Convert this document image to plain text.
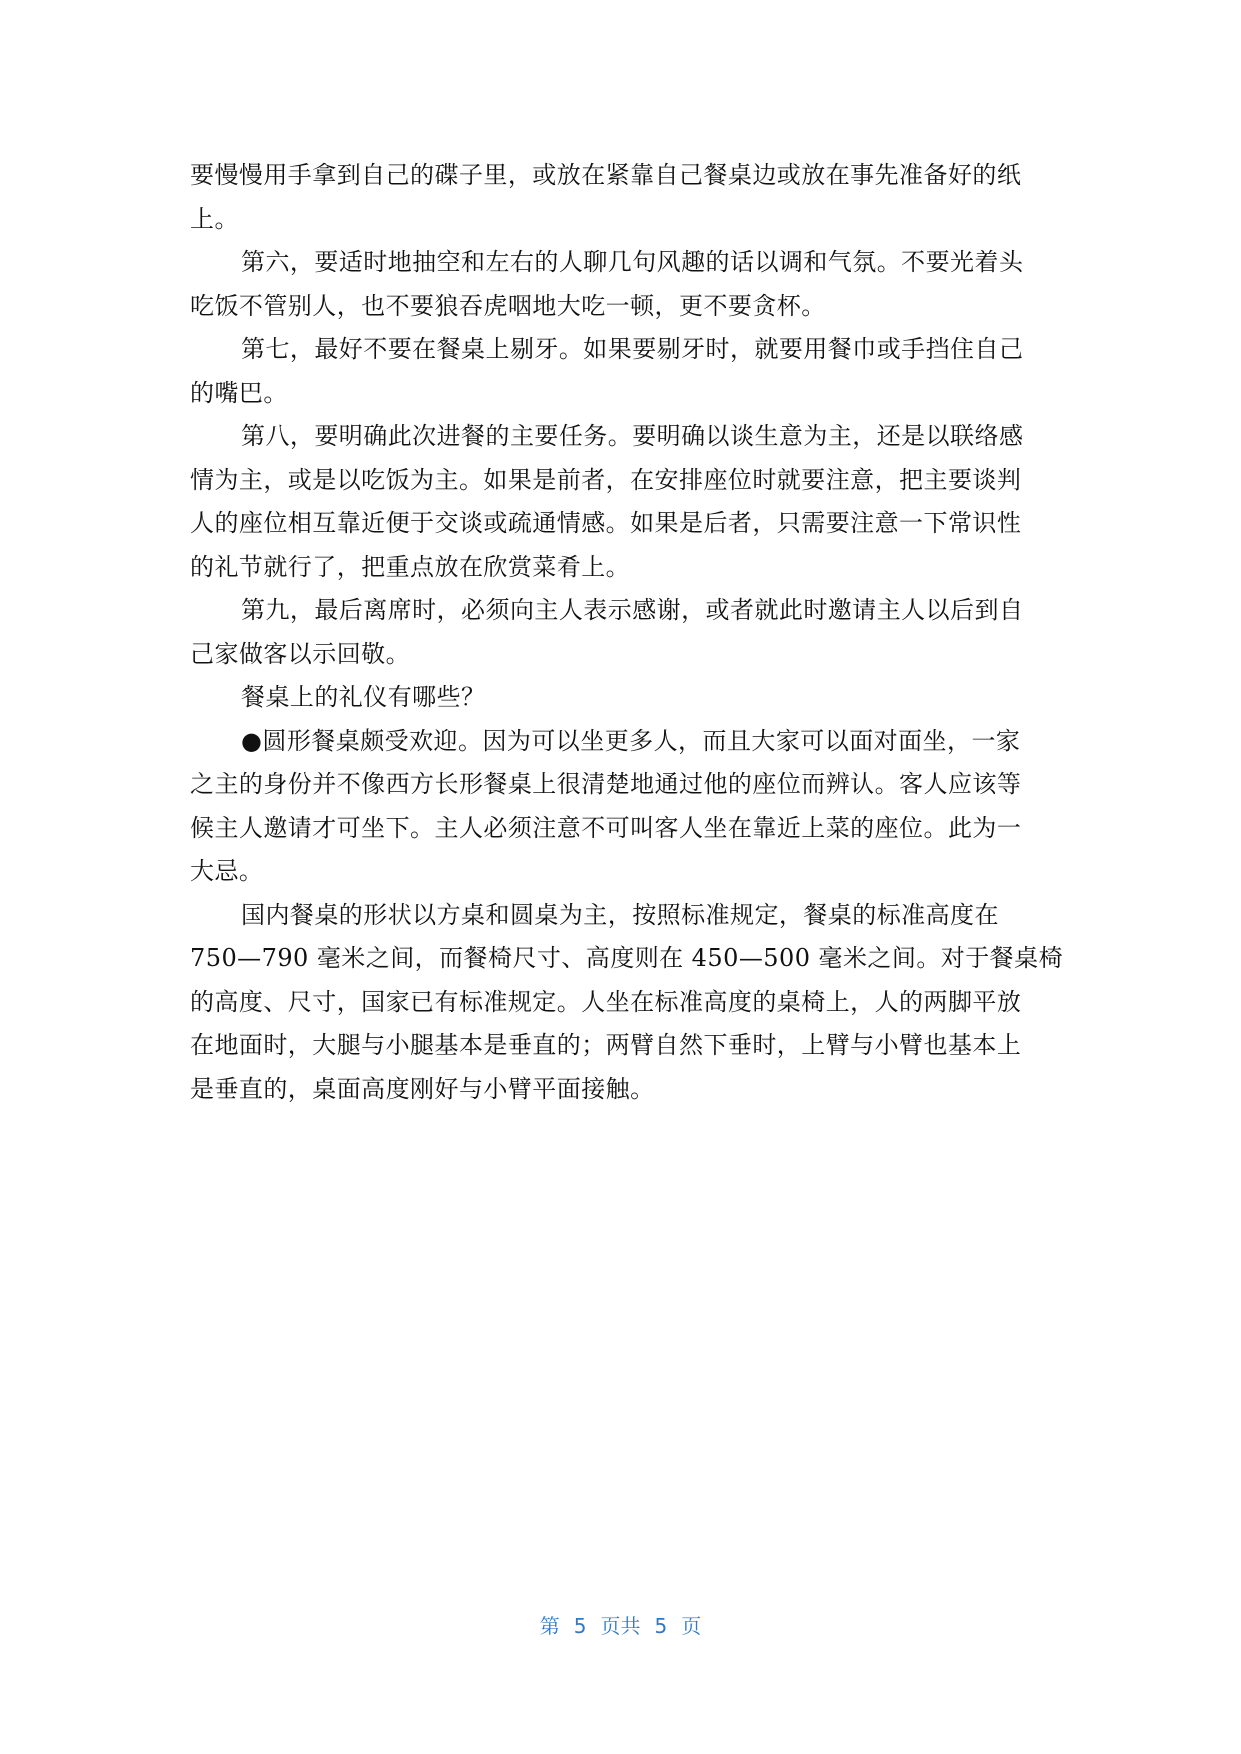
要慢慢用手拿到自己的碟子里，或放在紧靠自己餐桌边或放在事先准备好的纸
上。
第六，要适时地抽空和左右的人聊几句风趣的话以调和气氛。不要光着头
吃饭不管别人，也不要狼吞虎咽地大吃一顿，更不要贪杯。
第七，最好不要在餐桌上剔牙。如果要剔牙时，就要用餐巾或手挡住自己
的嘴巴。
第八，要明确此次进餐的主要任务。要明确以谈生意为主，还是以联络感
情为主，或是以吃饭为主。如果是前者，在安排座位时就要注意，把主要谈判
人的座位相互靠近便于交谈或疏通情感。如果是后者，只需要注意一下常识性
的礼节就行了，把重点放在欣赏菜肴上。
第九，最后离席时，必须向主人表示感谢，或者就此时邀请主人以后到自
己家做客以示回敬。
餐桌上的礼仪有哪些？
●圆形餐桌颇受欢迎。因为可以坐更多人，而且大家可以面对面坐，一家
之主的身份并不像西方长形餐桌上很清楚地通过他的座位而辨认。客人应该等
候主人邀请才可坐下。主人必须注意不可叫客人坐在靠近上菜的座位。此为一
大忌。
国内餐桌的形状以方桌和圆桌为主，按照标准规定，餐桌的标准高度在
750—790 毫米之间，而餐椅尺寸、高度则在 450—500 毫米之间。对于餐桌椅
的高度、尺寸，国家已有标准规定。人坐在标准高度的桌椅上，人的两脚平放
在地面时，大腿与小腿基本是垂直的；两臂自然下垂时，上臂与小臂也基本上
是垂直的，桌面高度刚好与小臂平面接触。
第 5 页共 5 页
